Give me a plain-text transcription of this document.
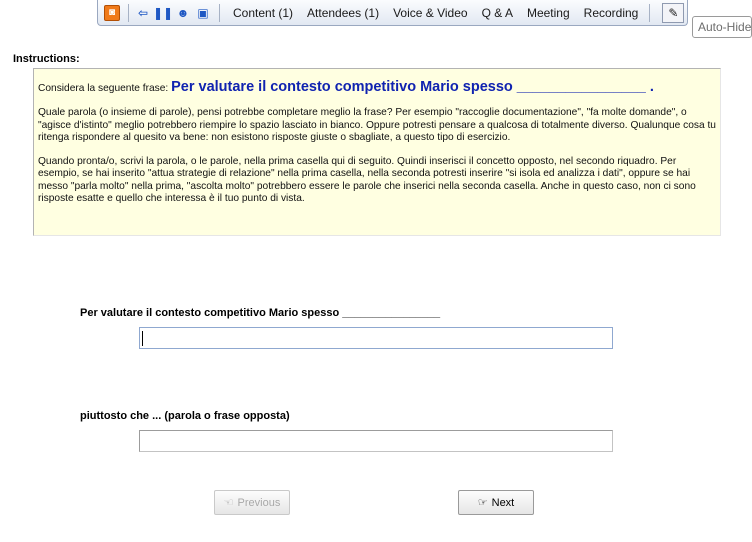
◙	⇦ ❚❚ ☻ ▣	Content (1)	Attendees (1)	Voice & Video	Q & A	Meeting	Recording	✎
Auto-Hide
Instructions:

Considera la seguente frase: Per valutare il contesto competitivo Mario spesso ________________ .

Quale parola (o insieme di parole), pensi potrebbe completare meglio la frase? Per esempio "raccoglie documentazione", "fa molte domande", o "agisce d'istinto" meglio potrebbero riempire lo spazio lasciato in bianco. Oppure potresti pensare a qualcosa di totalmente diverso. Qualunque cosa tu ritenga rispondere al quesito va bene: non esistono risposte giuste o sbagliate, a questo tipo di esercizio.

Quando pronta/o, scrivi la parola, o le parole, nella prima casella qui di seguito. Quindi inserisci il concetto opposto, nel secondo riquadro. Per esempio, se hai inserito "attua strategie di relazione" nella prima casella, nella seconda potresti inserire "si isola ed analizza i dati", oppure se hai messo "parla molto" nella prima, "ascolta molto" potrebbero essere le parole che inserici nella seconda casella. Anche in questo caso, non ci sono risposte esatte e quello che interessa è il tuo punto di vista.

Per valutare il contesto competitivo Mario spesso ________________
piuttosto che ... (parola o frase opposta)
☜ Previous	☞ Next
